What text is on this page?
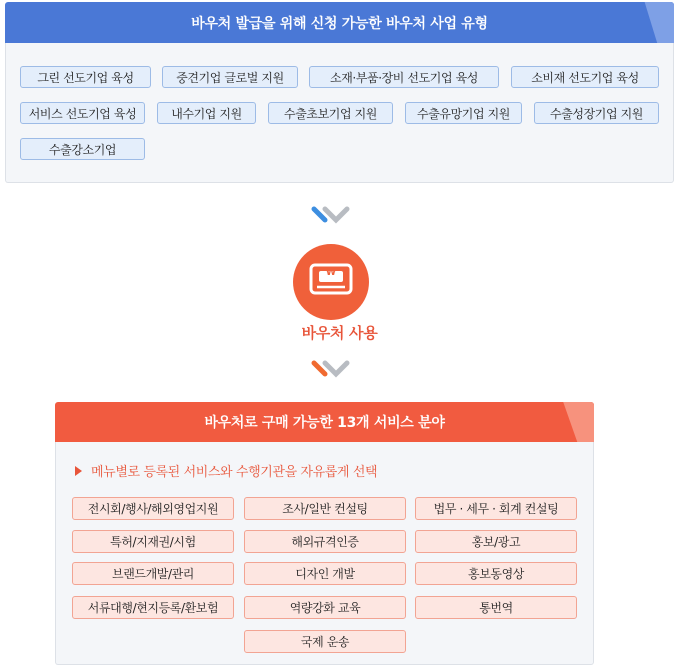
바우처 발급을 위해 신청 가능한 바우처 사업 유형
그린 선도기업 육성	중견기업 글로벌 지원	소재·부품·장비 선도기업 육성	소비재 선도기업 육성
서비스 선도기업 육성	내수기업 지원	수출초보기업 지원	수출유망기업 지원	수출성장기업 지원
수출강소기업
₩
바우처 사용
바우처로 구매 가능한 13개 서비스 분야
메뉴별로 등록된 서비스와 수행기관을 자유롭게 선택
전시회/행사/해외영업지원	조사/일반 컨설팅	법무 · 세무 · 회계 컨설팅
특허/지재권/시험	해외규격인증	홍보/광고
브랜드개발/관리	디자인 개발	홍보동영상
서류대행/현지등록/환보험	역량강화 교육	통번역
국제 운송
